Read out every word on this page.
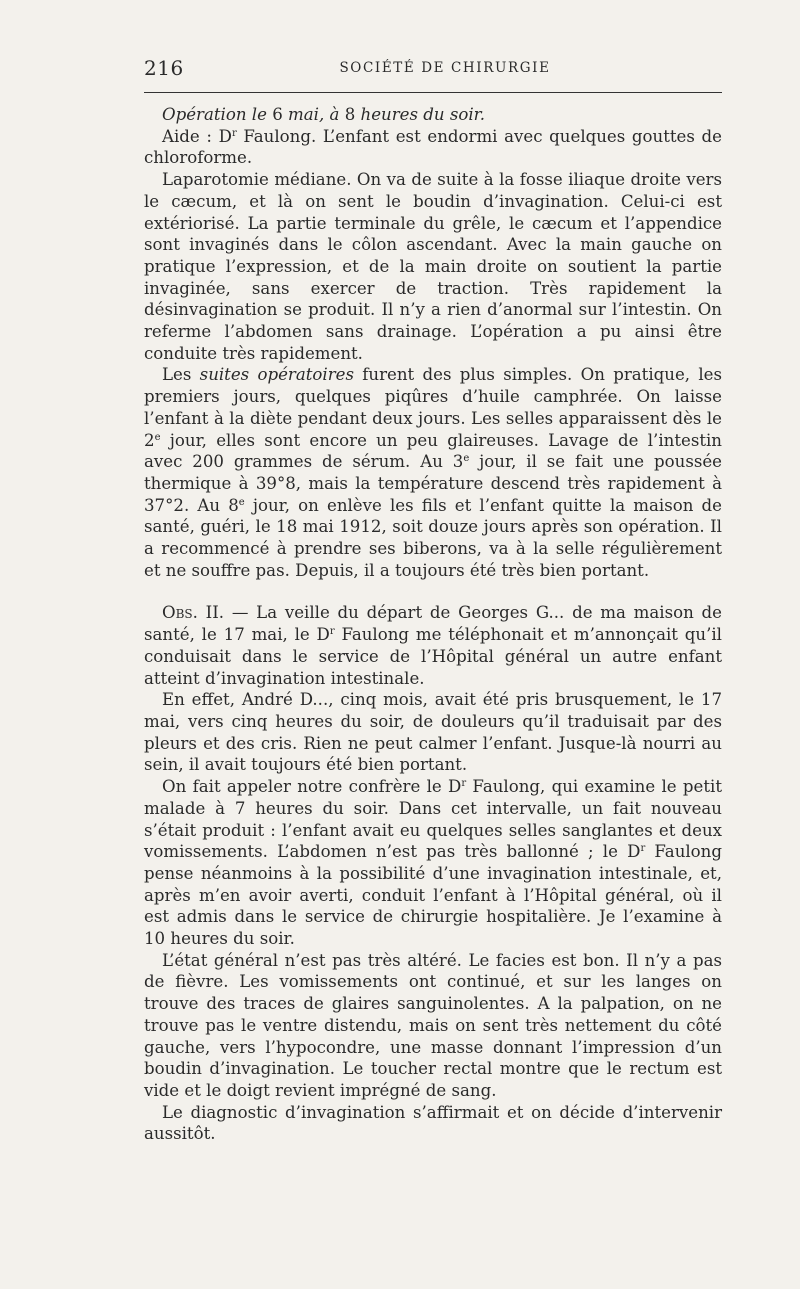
216	SOCIÉTÉ DE CHIRURGIE

Opération le 6 mai, à 8 heures du soir.

Aide : $D^r$ Faulong. L’enfant est endormi avec quelques gouttes de chloroforme.

Laparotomie médiane. On va de suite à la fosse iliaque droite vers le cæcum, et là on sent le boudin d’invagination. Celui-ci est extériorisé. La partie terminale du grêle, le cæcum et l’appendice sont invaginés dans le côlon ascendant. Avec la main gauche on pratique l’expression, et de la main droite on soutient la partie invaginée, sans exercer de traction. Très rapidement la désinvagination se produit. Il n’y a rien d’anormal sur l’intestin. On referme l’abdomen sans drainage. L’opération a pu ainsi être conduite très rapidement.

Les suites opératoires furent des plus simples. On pratique, les premiers jours, quelques piqûres d’huile camphrée. On laisse l’enfant à la diète pendant deux jours. Les selles apparaissent dès le 2e jour, elles sont encore un peu glaireuses. Lavage de l’intestin avec 200 grammes de sérum. Au 3e jour, il se fait une poussée thermique à 39°8, mais la température descend très rapidement à 37°2. Au 8e jour, on enlève les fils et l’enfant quitte la maison de santé, guéri, le 18 mai 1912, soit douze jours après son opération. Il a recommencé à prendre ses biberons, va à la selle régulièrement et ne souffre pas. Depuis, il a toujours été très bien portant.

Obs. II. — La veille du départ de Georges G... de ma maison de santé, le 17 mai, le $D^r$ Faulong me téléphonait et m’annonçait qu’il conduisait dans le service de l’Hôpital général un autre enfant atteint d’invagination intestinale.

En effet, André D..., cinq mois, avait été pris brusquement, le 17 mai, vers cinq heures du soir, de douleurs qu’il traduisait par des pleurs et des cris. Rien ne peut calmer l’enfant. Jusque-là nourri au sein, il avait toujours été bien portant.

On fait appeler notre confrère le $D^r$ Faulong, qui examine le petit malade à 7 heures du soir. Dans cet intervalle, un fait nouveau s’était produit : l’enfant avait eu quelques selles sanglantes et deux vomissements. L’abdomen n’est pas très ballonné ; le $D^r$ Faulong pense néanmoins à la possibilité d’une invagination intestinale, et, après m’en avoir averti, conduit l’enfant à l’Hôpital général, où il est admis dans le service de chirurgie hospitalière. Je l’examine à 10 heures du soir.

L’état général n’est pas très altéré. Le facies est bon. Il n’y a pas de fièvre. Les vomissements ont continué, et sur les langes on trouve des traces de glaires sanguinolentes. A la palpation, on ne trouve pas le ventre distendu, mais on sent très nettement du côté gauche, vers l’hypocondre, une masse donnant l’impression d’un boudin d’invagination. Le toucher rectal montre que le rectum est vide et le doigt revient imprégné de sang.

Le diagnostic d’invagination s’affirmait et on décide d’intervenir aussitôt.
